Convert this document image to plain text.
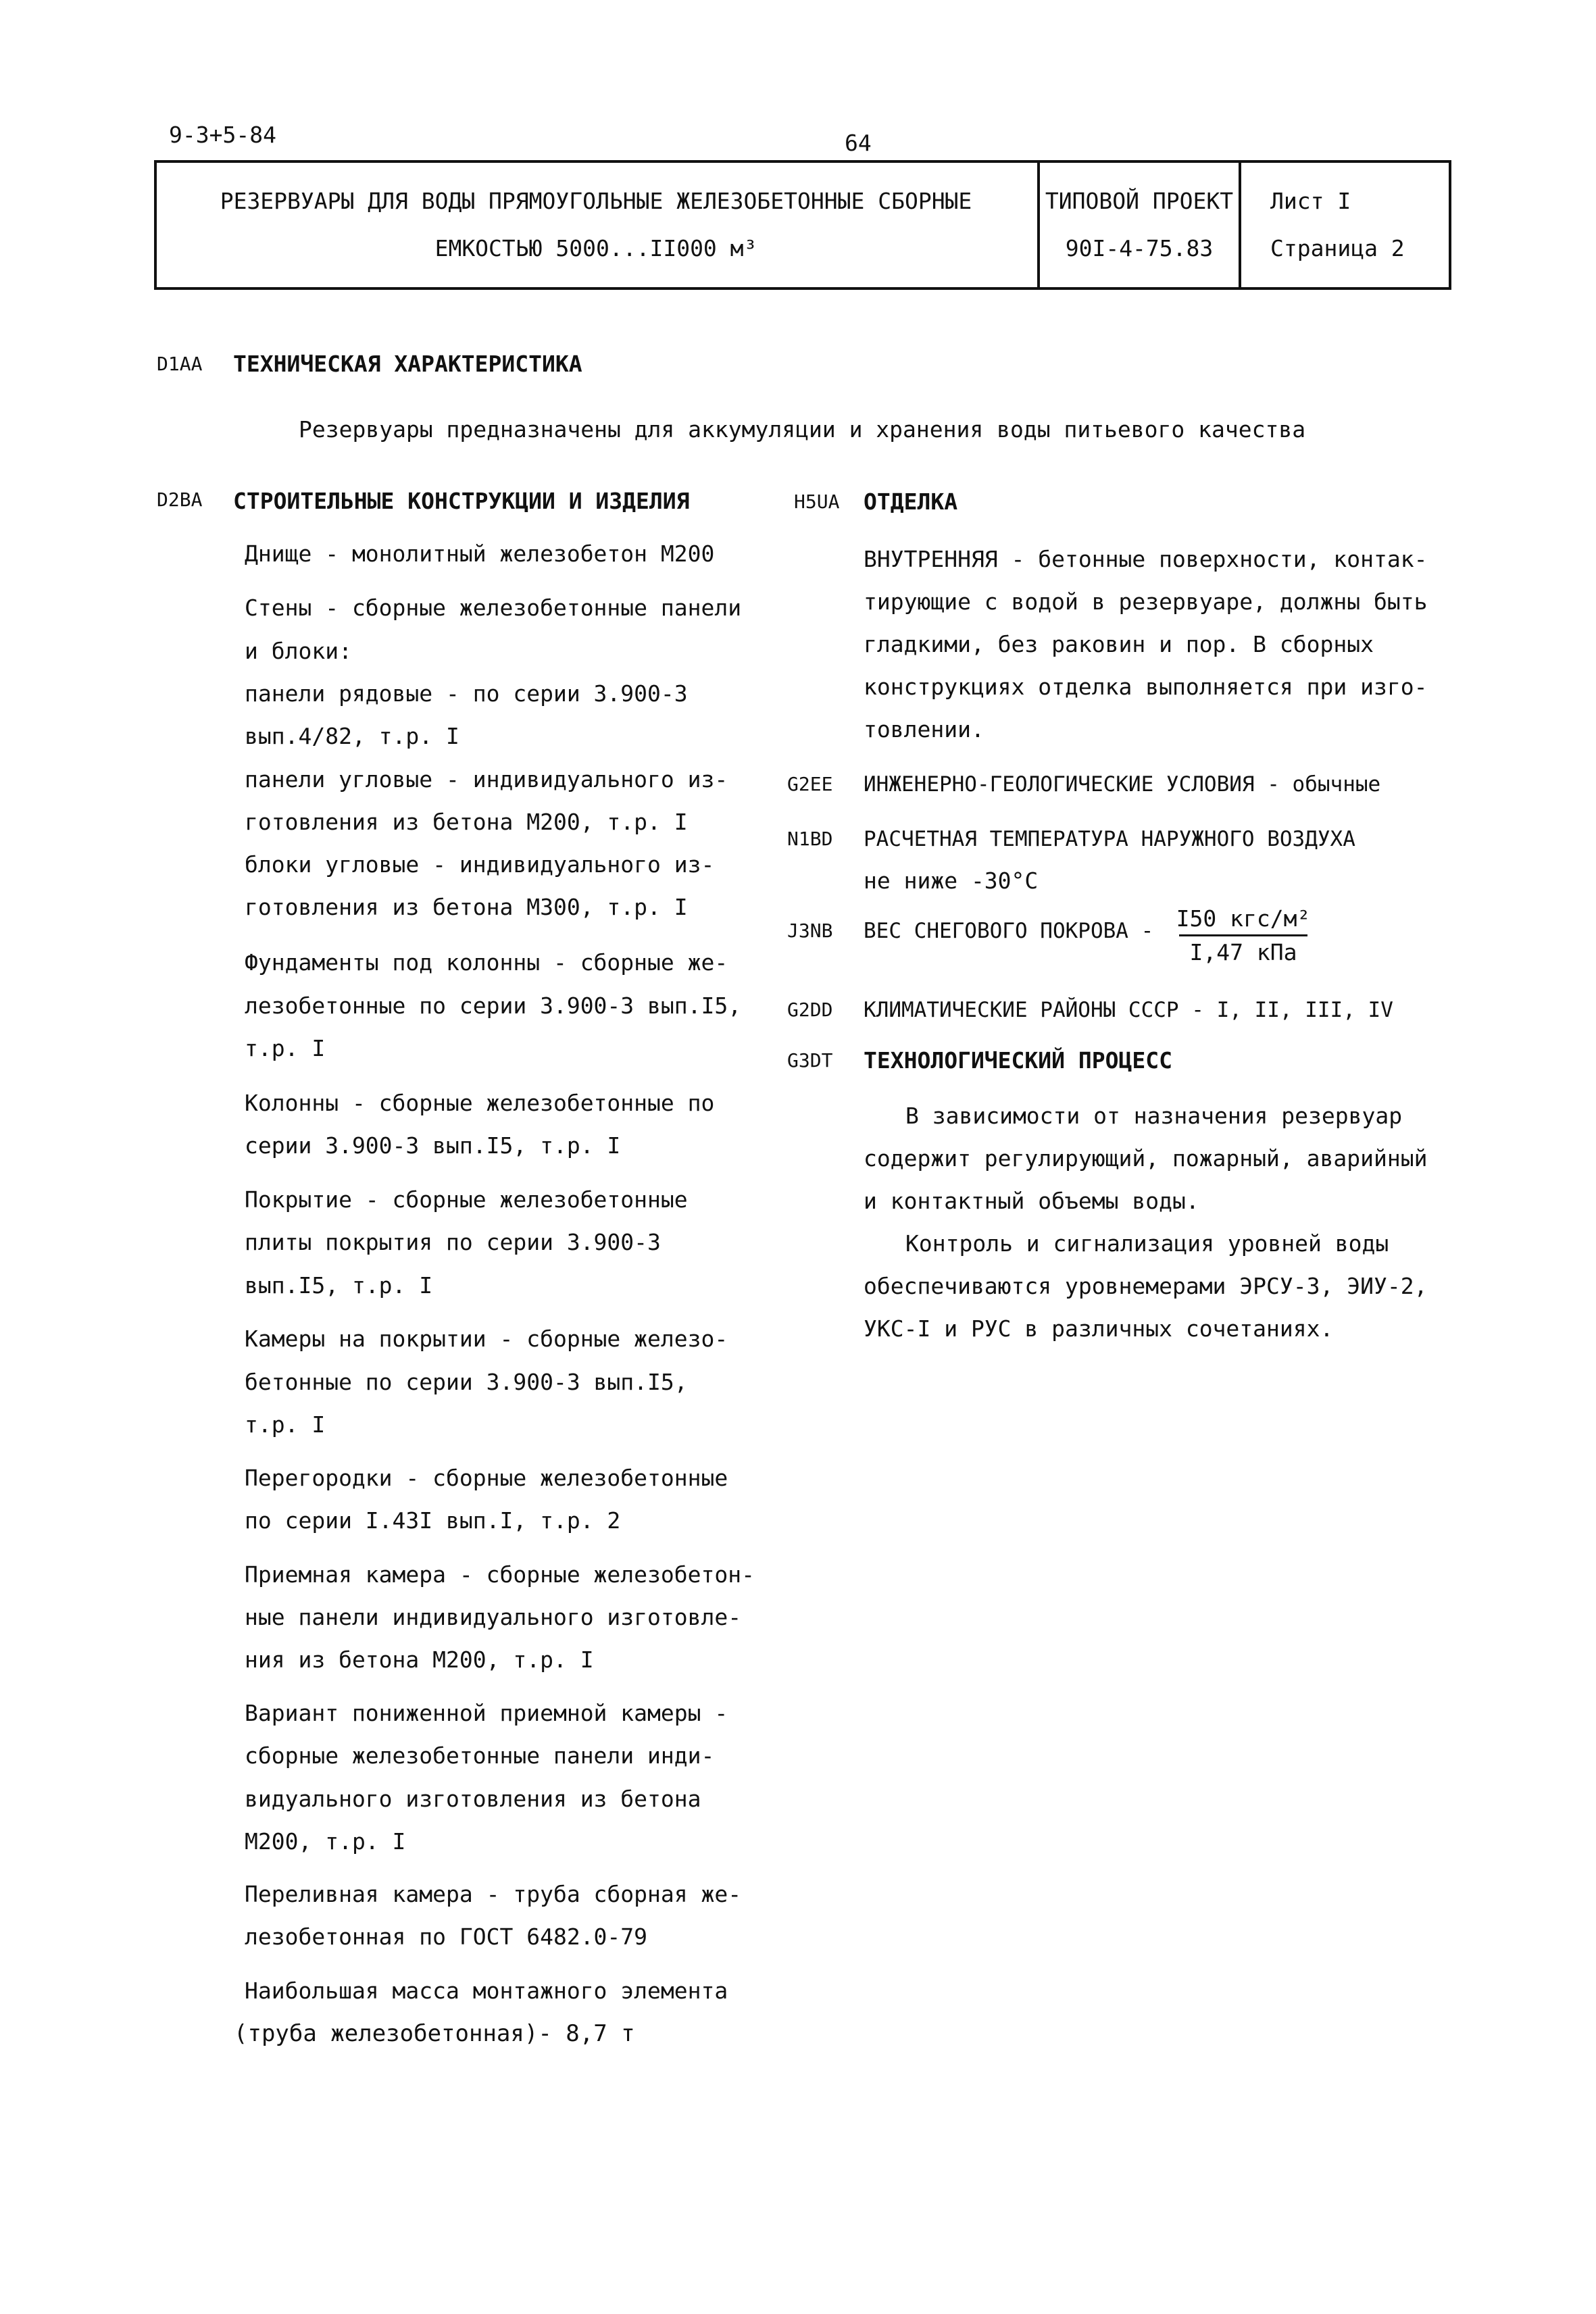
9-3+5-84	64
РЕЗЕРВУАРЫ ДЛЯ ВОДЫ ПРЯМОУГОЛЬНЫЕ ЖЕЛЕЗОБЕТОННЫЕ СБОРНЫЕ
ЕМКОСТЬЮ 5000...II000 м³
ТИПОВОЙ ПРОЕКТ
90I-4-75.83
Лист I
Страница 2
D1AA ТЕХНИЧЕСКАЯ ХАРАКТЕРИСТИКА
Резервуары предназначены для аккумуляции и хранения воды питьевого качества
D2BA СТРОИТЕЛЬНЫЕ КОНСТРУКЦИИ И ИЗДЕЛИЯ
Днище - монолитный железобетон М200
Стены - сборные железобетонные панели
и блоки:
панели рядовые - по серии 3.900-3
вып.4/82, т.р. I
панели угловые - индивидуального из-
готовления из бетона М200, т.р. I
блоки угловые - индивидуального из-
готовления из бетона М300, т.р. I
Фундаменты под колонны - сборные же-
лезобетонные по серии 3.900-3 вып.I5,
т.р. I
Колонны - сборные железобетонные по
серии 3.900-3 вып.I5, т.р. I
Покрытие - сборные железобетонные
плиты покрытия по серии 3.900-3
вып.I5, т.р. I
Камеры на покрытии - сборные железо-
бетонные по серии 3.900-3 вып.I5,
т.р. I
Перегородки - сборные железобетонные
по серии I.43I вып.I, т.р. 2
Приемная камера - сборные железобетон-
ные панели индивидуального изготовле-
ния из бетона М200, т.р. I
Вариант пониженной приемной камеры -
сборные железобетонные панели инди-
видуального изготовления из бетона
М200, т.р. I
Переливная камера - труба сборная же-
лезобетонная по ГОСТ 6482.0-79
Наибольшая масса монтажного элемента
(труба железобетонная)- 8,7 т
H5UA ОТДЕЛКА
ВНУТРЕННЯЯ - бетонные поверхности, контак-
тирующие с водой в резервуаре, должны быть
гладкими, без раковин и пор. В сборных
конструкциях отделка выполняется при изго-
товлении.
G2EE ИНЖЕНЕРНО-ГЕОЛОГИЧЕСКИЕ УСЛОВИЯ - обычные
N1BD РАСЧЕТНАЯ ТЕМПЕРАТУРА НАРУЖНОГО ВОЗДУХА
не ниже -30°С
J3NB ВЕС СНЕГОВОГО ПОКРОВА - I50 кгс/м²
I,47 кПа
G2DD КЛИМАТИЧЕСКИЕ РАЙОНЫ СССР - I, II, III, IV
G3DT ТЕХНОЛОГИЧЕСКИЙ ПРОЦЕСС
В зависимости от назначения резервуар
содержит регулирующий, пожарный, аварийный
и контактный объемы воды.
Контроль и сигнализация уровней воды
обеспечиваются уровнемерами ЭРСУ-3, ЭИУ-2,
УКС-I и РУС в различных сочетаниях.
